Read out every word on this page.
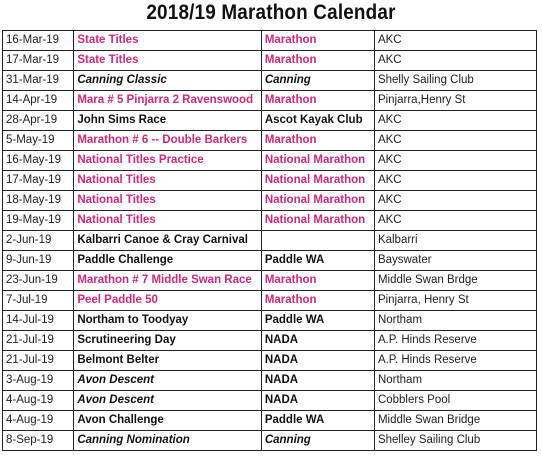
2018/19 Marathon Calendar
16-Mar-19	State Titles	Marathon	AKC
17-Mar-19	State Titles	Marathon	AKC
31-Mar-19	Canning Classic	Canning	Shelly Sailing Club
14-Apr-19	Mara # 5 Pinjarra 2 Ravenswood	Marathon	Pinjarra,Henry St
28-Apr-19	John Sims Race	Ascot Kayak Club	AKC
5-May-19	Marathon # 6 -- Double Barkers	Marathon	AKC
16-May-19	National Titles Practice	National Marathon	AKC
17-May-19	National Titles	National Marathon	AKC
18-May-19	National Titles	National Marathon	AKC
19-May-19	National Titles	National Marathon	AKC
2-Jun-19	Kalbarri Canoe & Cray Carnival		Kalbarri
9-Jun-19	Paddle Challenge	Paddle WA	Bayswater
23-Jun-19	Marathon # 7 Middle Swan Race	Marathon	Middle Swan Brdge
7-Jul-19	Peel Paddle 50	Marathon	Pinjarra, Henry St
14-Jul-19	Northam to Toodyay	Paddle WA	Northam
21-Jul-19	Scrutineering Day	NADA	A.P. Hinds Reserve
21-Jul-19	Belmont Belter	NADA	A.P. Hinds Reserve
3-Aug-19	Avon Descent	NADA	Northam
4-Aug-19	Avon Descent	NADA	Cobblers Pool
4-Aug-19	Avon Challenge	Paddle WA	Middle Swan Bridge
8-Sep-19	Canning Nomination	Canning	Shelley Sailing Club
